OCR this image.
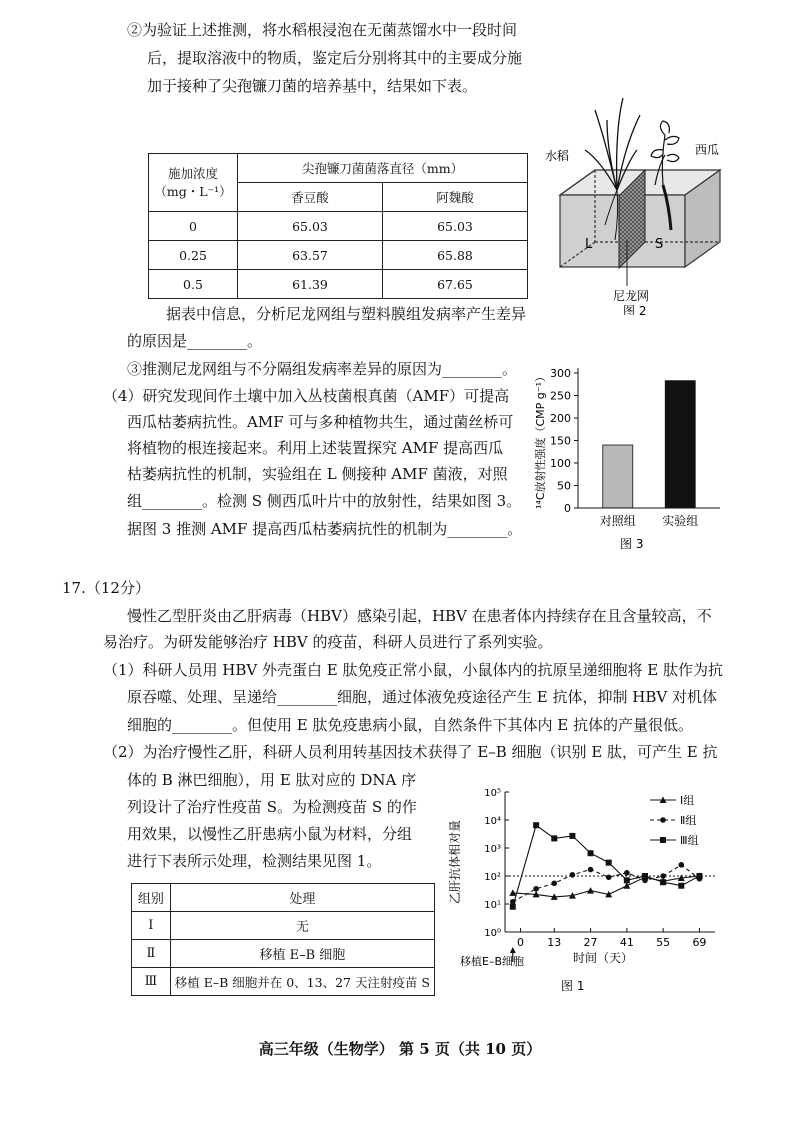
②为验证上述推测，将水稻根浸泡在无菌蒸馏水中一段时间
后，提取溶液中的物质，鉴定后分别将其中的主要成分施
加于接种了尖孢镰刀菌的培养基中，结果如下表。
施加浓度
（mg・L⁻¹）	尖孢镰刀菌菌落直径（mm）	
	香豆酸	阿魏酸
0	65.03	65.03
0.25	63.57	65.88
0.5	61.39	67.65
据表中信息，分析尼龙网组与塑料膜组发病率产生差异
的原因是________。
③推测尼龙网组与不分隔组发病率差异的原因为________。
（4）研究发现间作土壤中加入丛枝菌根真菌（AMF）可提高
西瓜枯萎病抗性。AMF 可与多种植物共生，通过菌丝桥可
将植物的根连接起来。利用上述装置探究 AMF 提高西瓜
枯萎病抗性的机制，实验组在 L 侧接种 AMF 菌液，对照
组________。检测 S 侧西瓜叶片中的放射性，结果如图 3。
据图 3 推测 AMF 提高西瓜枯萎病抗性的机制为________。
水稻	西瓜
L	S
尼龙网
图 2
¹⁴C放射性强度（CMP g⁻¹） 0
50
100
150
200
250
300
对照组 实验组
图 3
17.（12分）
慢性乙型肝炎由乙肝病毒（HBV）感染引起，HBV 在患者体内持续存在且含量较高，不
易治疗。为研发能够治疗 HBV 的疫苗，科研人员进行了系列实验。
（1）科研人员用 HBV 外壳蛋白 E 肽免疫正常小鼠，小鼠体内的抗原呈递细胞将 E 肽作为抗
原吞噬、处理、呈递给________细胞，通过体液免疫途径产生 E 抗体，抑制 HBV 对机体
细胞的________。但使用 E 肽免疫患病小鼠，自然条件下其体内 E 抗体的产量很低。
（2）为治疗慢性乙肝，科研人员利用转基因技术获得了 E–B 细胞（识别 E 肽，可产生 E 抗
体的 B 淋巴细胞），用 E 肽对应的 DNA 序
列设计了治疗性疫苗 S。为检测疫苗 S 的作
用效果，以慢性乙肝患病小鼠为材料，分组
进行下表所示处理，检测结果见图 1。
组别	处理
Ⅰ	无
Ⅱ	移植 E–B 细胞
Ⅲ	移植 E–B 细胞并在 0、13、27 天注射疫苗 S
乙肝抗体相对量
10⁰
10¹
10²
10³
10⁴
10⁵
0 13 27 41 55 69
Ⅰ组
Ⅱ组
Ⅲ组
时间（天）
移植E–B细胞
图 1
高三年级（生物学） 第 5 页（共 10 页）
